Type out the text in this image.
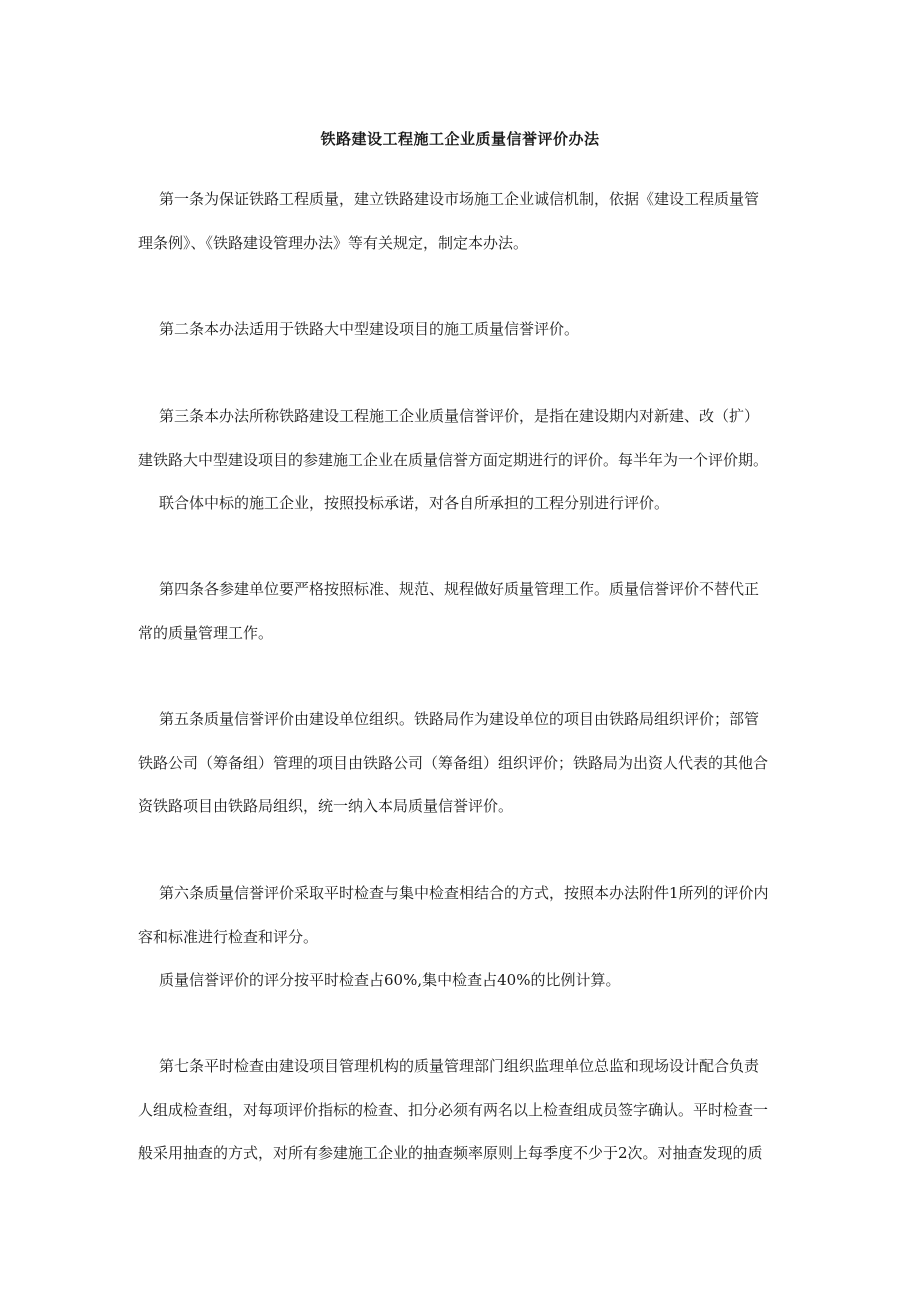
铁路建设工程施工企业质量信誉评价办法
第一条为保证铁路工程质量，建立铁路建设市场施工企业诚信机制，依据《建设工程质量管
理条例》、《铁路建设管理办法》等有关规定，制定本办法。
第二条本办法适用于铁路大中型建设项目的施工质量信誉评价。
第三条本办法所称铁路建设工程施工企业质量信誉评价，是指在建设期内对新建、改（扩）
建铁路大中型建设项目的参建施工企业在质量信誉方面定期进行的评价。每半年为一个评价期。
联合体中标的施工企业，按照投标承诺，对各自所承担的工程分别进行评价。
第四条各参建单位要严格按照标准、规范、规程做好质量管理工作。质量信誉评价不替代正
常的质量管理工作。
第五条质量信誉评价由建设单位组织。铁路局作为建设单位的项目由铁路局组织评价；部管
铁路公司（筹备组）管理的项目由铁路公司（筹备组）组织评价；铁路局为出资人代表的其他合
资铁路项目由铁路局组织，统一纳入本局质量信誉评价。
第六条质量信誉评价采取平时检查与集中检查相结合的方式，按照本办法附件1所列的评价内
容和标准进行检查和评分。
质量信誉评价的评分按平时检查占60%,集中检查占40%的比例计算。
第七条平时检查由建设项目管理机构的质量管理部门组织监理单位总监和现场设计配合负责
人组成检查组，对每项评价指标的检查、扣分必须有两名以上检查组成员签字确认。平时检查一
般采用抽查的方式，对所有参建施工企业的抽查频率原则上每季度不少于2次。对抽查发现的质
